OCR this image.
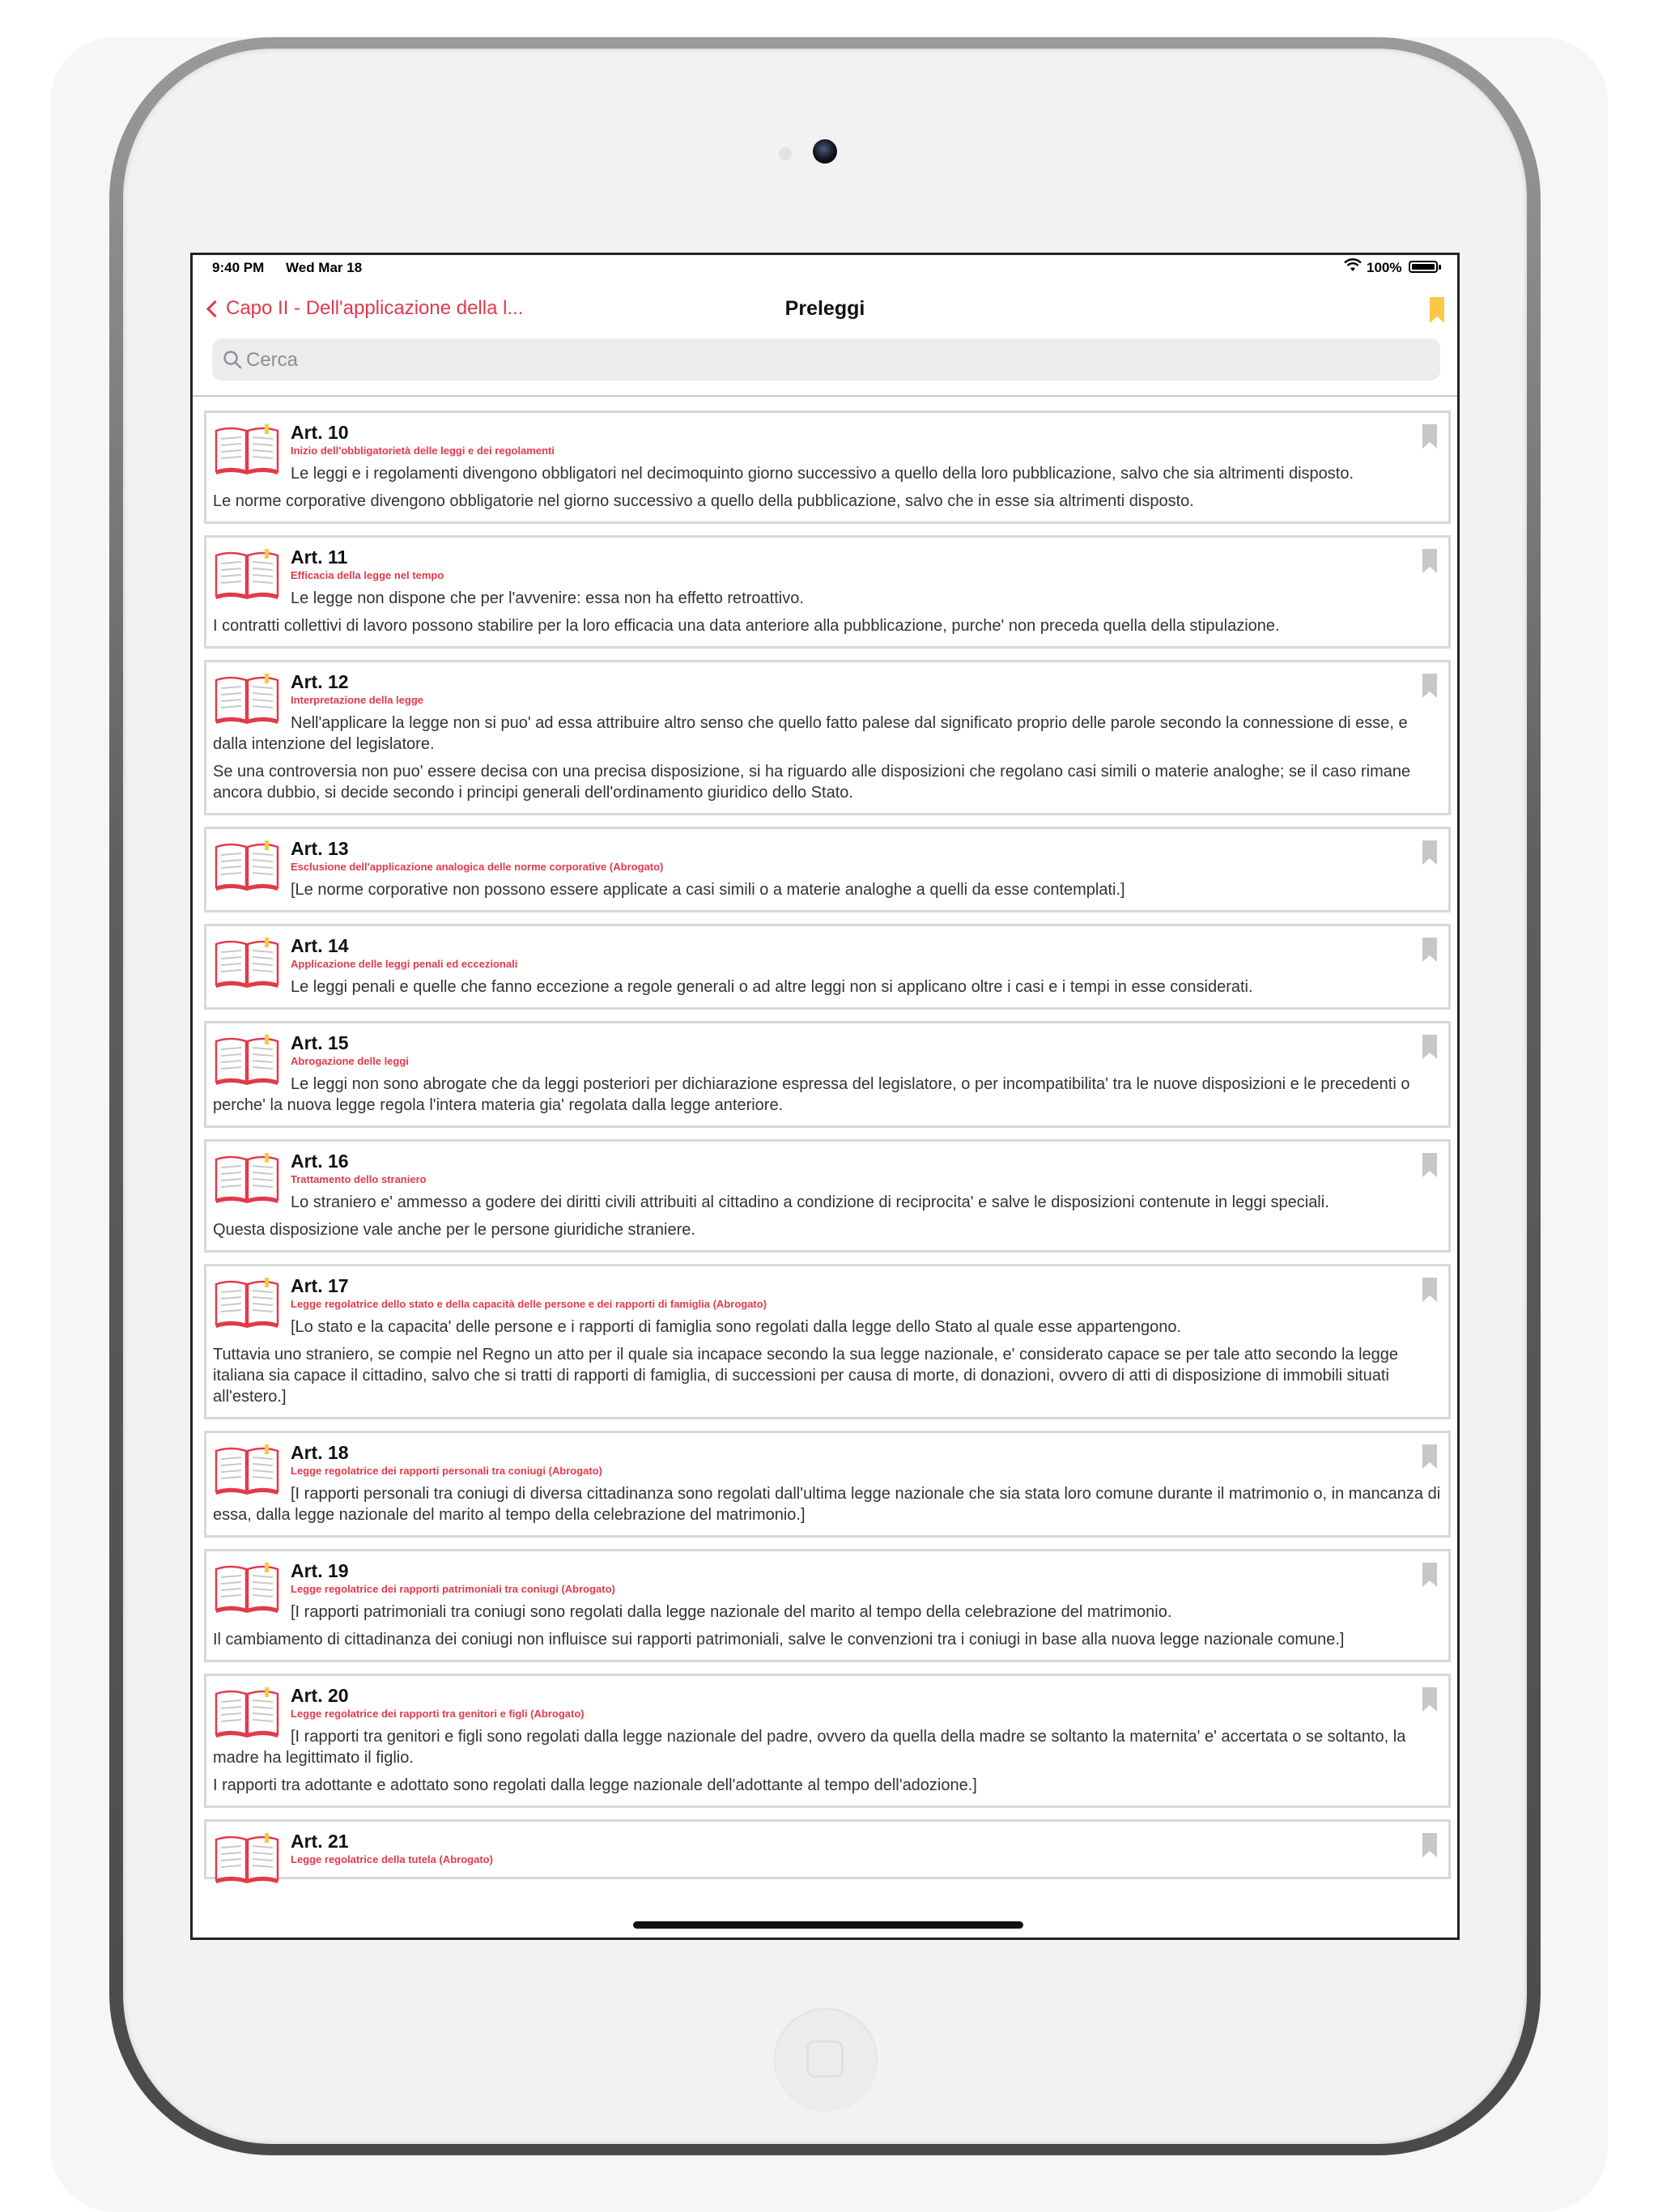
9:40 PM Wed Mar 18	100%
Capo II - Dell'applicazione della l...	Preleggi
Cerca
Art. 10
Inizio dell'obbligatorietà delle leggi e dei regolamenti
Le leggi e i regolamenti divengono obbligatori nel decimoquinto giorno successivo a quello della loro pubblicazione, salvo che sia altrimenti disposto.
Le norme corporative divengono obbligatorie nel giorno successivo a quello della pubblicazione, salvo che in esse sia altrimenti disposto.
Art. 11
Efficacia della legge nel tempo
Le legge non dispone che per l'avvenire: essa non ha effetto retroattivo.
I contratti collettivi di lavoro possono stabilire per la loro efficacia una data anteriore alla pubblicazione, purche' non preceda quella della stipulazione.
Art. 12
Interpretazione della legge
Nell'applicare la legge non si puo' ad essa attribuire altro senso che quello fatto palese dal significato proprio delle parole secondo la connessione di esse, e dalla intenzione del legislatore.
Se una controversia non puo' essere decisa con una precisa disposizione, si ha riguardo alle disposizioni che regolano casi simili o materie analoghe; se il caso rimane ancora dubbio, si decide secondo i principi generali dell'ordinamento giuridico dello Stato.
Art. 13
Esclusione dell'applicazione analogica delle norme corporative (Abrogato)
[Le norme corporative non possono essere applicate a casi simili o a materie analoghe a quelli da esse contemplati.]
Art. 14
Applicazione delle leggi penali ed eccezionali
Le leggi penali e quelle che fanno eccezione a regole generali o ad altre leggi non si applicano oltre i casi e i tempi in esse considerati.
Art. 15
Abrogazione delle leggi
Le leggi non sono abrogate che da leggi posteriori per dichiarazione espressa del legislatore, o per incompatibilita' tra le nuove disposizioni e le precedenti o perche' la nuova legge regola l'intera materia gia' regolata dalla legge anteriore.
Art. 16
Trattamento dello straniero
Lo straniero e' ammesso a godere dei diritti civili attribuiti al cittadino a condizione di reciprocita' e salve le disposizioni contenute in leggi speciali.
Questa disposizione vale anche per le persone giuridiche straniere.
Art. 17
Legge regolatrice dello stato e della capacità delle persone e dei rapporti di famiglia (Abrogato)
[Lo stato e la capacita' delle persone e i rapporti di famiglia sono regolati dalla legge dello Stato al quale esse appartengono.
Tuttavia uno straniero, se compie nel Regno un atto per il quale sia incapace secondo la sua legge nazionale, e' considerato capace se per tale atto secondo la legge italiana sia capace il cittadino, salvo che si tratti di rapporti di famiglia, di successioni per causa di morte, di donazioni, ovvero di atti di disposizione di immobili situati all'estero.]
Art. 18
Legge regolatrice dei rapporti personali tra coniugi (Abrogato)
[I rapporti personali tra coniugi di diversa cittadinanza sono regolati dall'ultima legge nazionale che sia stata loro comune durante il matrimonio o, in mancanza di essa, dalla legge nazionale del marito al tempo della celebrazione del matrimonio.]
Art. 19
Legge regolatrice dei rapporti patrimoniali tra coniugi (Abrogato)
[I rapporti patrimoniali tra coniugi sono regolati dalla legge nazionale del marito al tempo della celebrazione del matrimonio.
Il cambiamento di cittadinanza dei coniugi non influisce sui rapporti patrimoniali, salve le convenzioni tra i coniugi in base alla nuova legge nazionale comune.]
Art. 20
Legge regolatrice dei rapporti tra genitori e figli (Abrogato)
[I rapporti tra genitori e figli sono regolati dalla legge nazionale del padre, ovvero da quella della madre se soltanto la maternita' e' accertata o se soltanto, la madre ha legittimato il figlio.
I rapporti tra adottante e adottato sono regolati dalla legge nazionale dell'adottante al tempo dell'adozione.]
Art. 21
Legge regolatrice della tutela (Abrogato)
